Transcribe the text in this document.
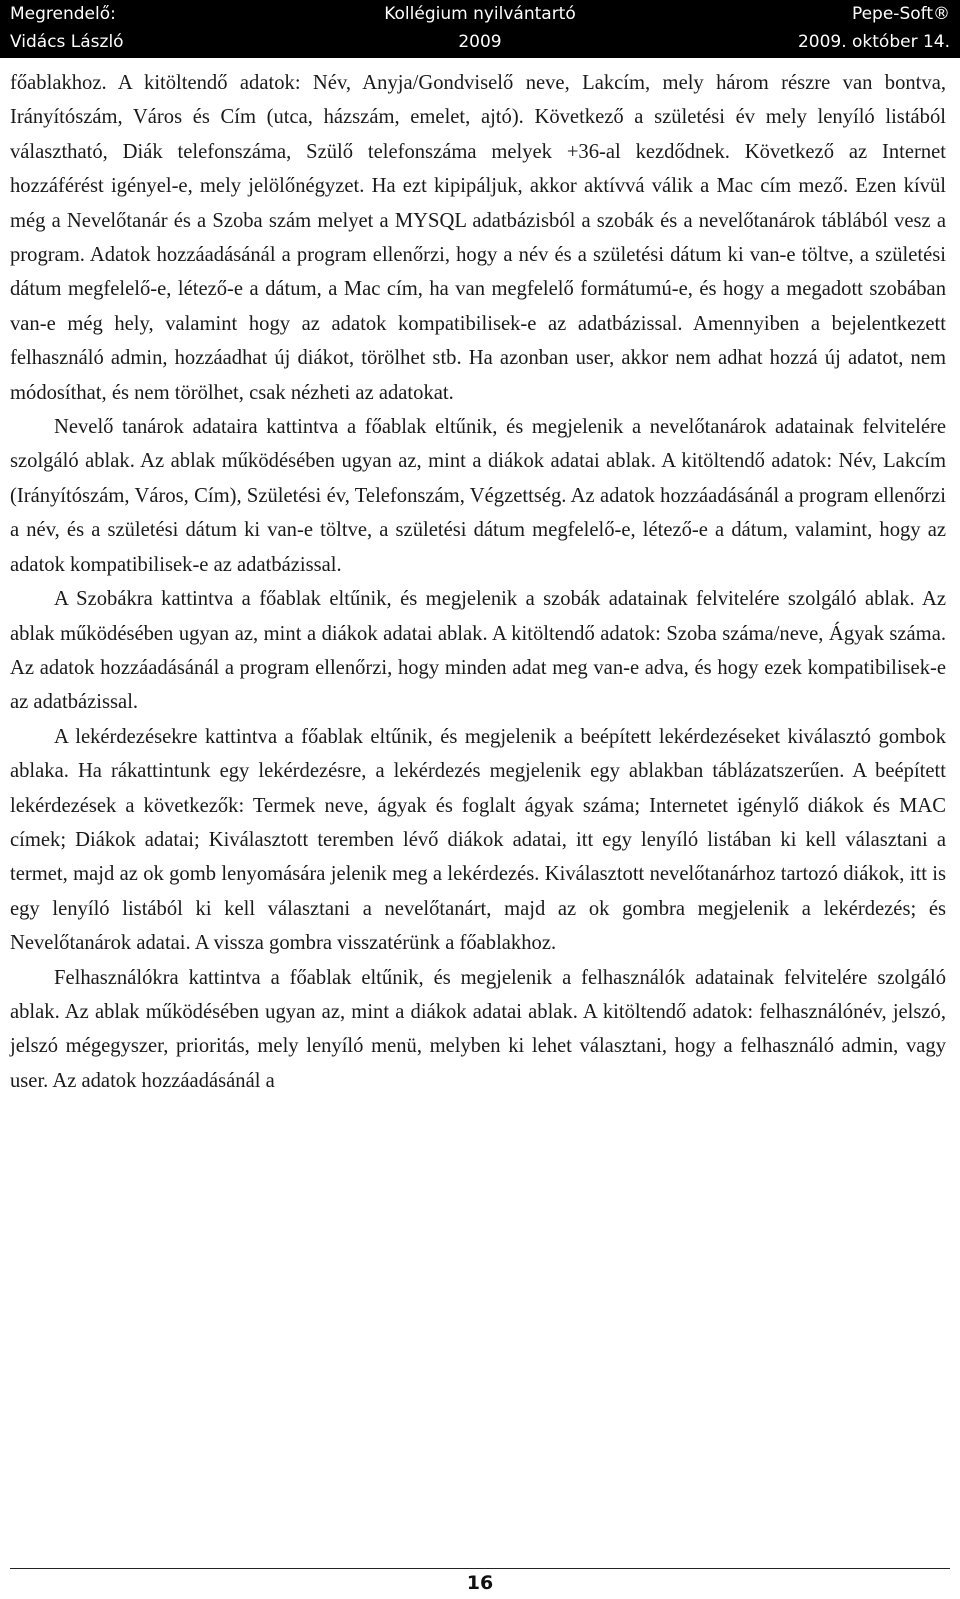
Megrendelő:
Vidács László
Kollégium nyilvántartó
2009
Pepe-Soft®
2009. október 14.

főablakhoz. A kitöltendő adatok: Név, Anyja/Gondviselő neve, Lakcím, mely három részre van bontva, Irányítószám, Város és Cím (utca, házszám, emelet, ajtó). Következő a születési év mely lenyíló listából választható, Diák telefonszáma, Szülő telefonszáma melyek +36-al kezdődnek. Következő az Internet hozzáférést igényel-e, mely jelölőnégyzet. Ha ezt kipipáljuk, akkor aktívvá válik a Mac cím mező. Ezen kívül még a Nevelőtanár és a Szoba szám melyet a MYSQL adatbázisból a szobák és a nevelőtanárok táblából vesz a program. Adatok hozzáadásánál a program ellenőrzi, hogy a név és a születési dátum ki van-e töltve, a születési dátum megfelelő-e, létező-e a dátum, a Mac cím, ha van megfelelő formátumú-e, és hogy a megadott szobában van-e még hely, valamint hogy az adatok kompatibilisek-e az adatbázissal. Amennyiben a bejelentkezett felhasználó admin, hozzáadhat új diákot, törölhet stb. Ha azonban user, akkor nem adhat hozzá új adatot, nem módosíthat, és nem törölhet, csak nézheti az adatokat.

Nevelő tanárok adataira kattintva a főablak eltűnik, és megjelenik a nevelőtanárok adatainak felvitelére szolgáló ablak. Az ablak működésében ugyan az, mint a diákok adatai ablak. A kitöltendő adatok: Név, Lakcím (Irányítószám, Város, Cím), Születési év, Telefonszám, Végzettség. Az adatok hozzáadásánál a program ellenőrzi a név, és a születési dátum ki van-e töltve, a születési dátum megfelelő-e, létező-e a dátum, valamint, hogy az adatok kompatibilisek-e az adatbázissal.

A Szobákra kattintva a főablak eltűnik, és megjelenik a szobák adatainak felvitelére szolgáló ablak. Az ablak működésében ugyan az, mint a diákok adatai ablak. A kitöltendő adatok: Szoba száma/neve, Ágyak száma. Az adatok hozzáadásánál a program ellenőrzi, hogy minden adat meg van-e adva, és hogy ezek kompatibilisek-e az adatbázissal.

A lekérdezésekre kattintva a főablak eltűnik, és megjelenik a beépített lekérdezéseket kiválasztó gombok ablaka. Ha rákattintunk egy lekérdezésre, a lekérdezés megjelenik egy ablakban táblázatszerűen. A beépített lekérdezések a következők: Termek neve, ágyak és foglalt ágyak száma; Internetet igénylő diákok és MAC címek; Diákok adatai; Kiválasztott teremben lévő diákok adatai, itt egy lenyíló listában ki kell választani a termet, majd az ok gomb lenyomására jelenik meg a lekérdezés. Kiválasztott nevelőtanárhoz tartozó diákok, itt is egy lenyíló listából ki kell választani a nevelőtanárt, majd az ok gombra megjelenik a lekérdezés; és Nevelőtanárok adatai. A vissza gombra visszatérünk a főablakhoz.

Felhasználókra kattintva a főablak eltűnik, és megjelenik a felhasználók adatainak felvitelére szolgáló ablak. Az ablak működésében ugyan az, mint a diákok adatai ablak. A kitöltendő adatok: felhasználónév, jelszó, jelszó mégegyszer, prioritás, mely lenyíló menü, melyben ki lehet választani, hogy a felhasználó admin, vagy user. Az adatok hozzáadásánál a

16
